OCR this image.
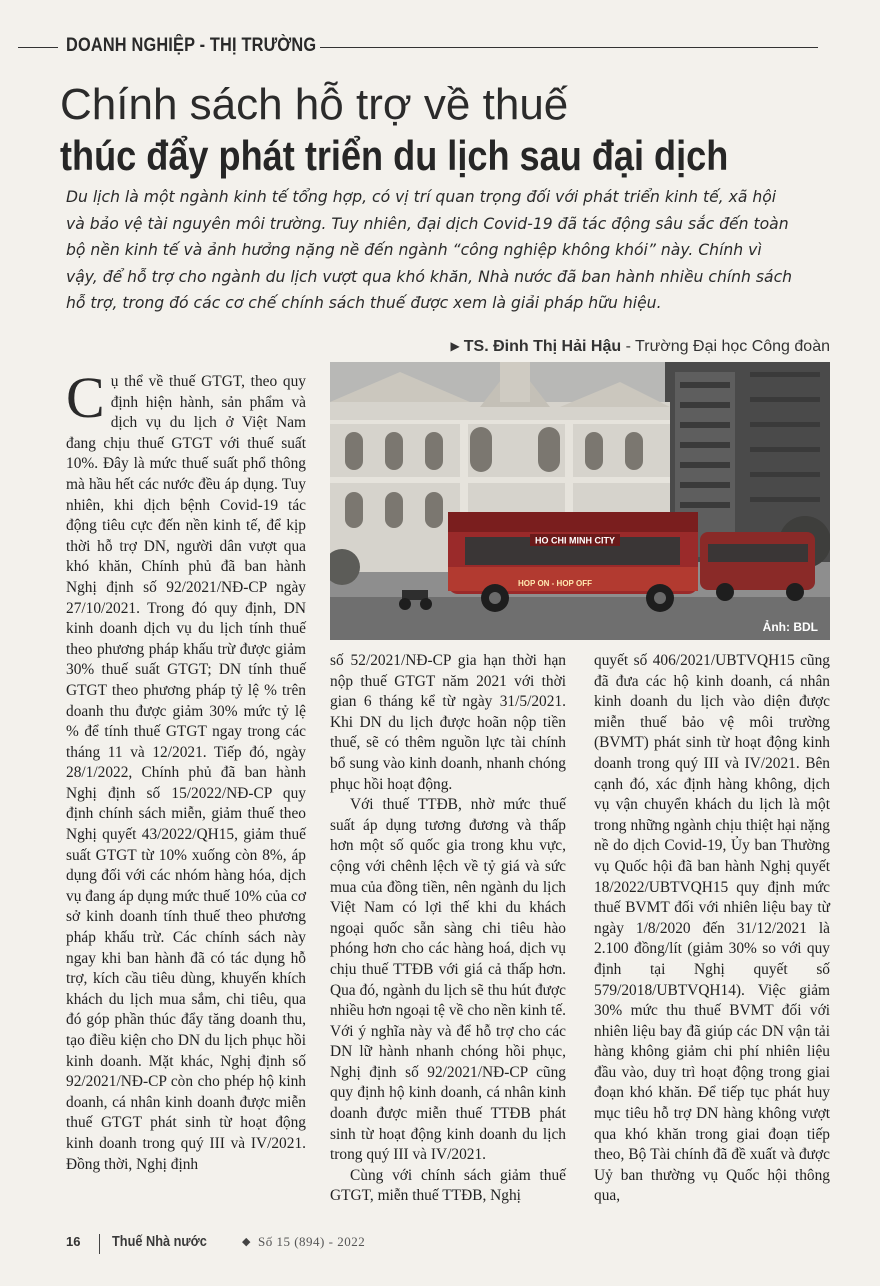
DOANH NGHIỆP - THỊ TRƯỜNG
Chính sách hỗ trợ về thuế
thúc đẩy phát triển du lịch sau đại dịch

Du lịch là một ngành kinh tế tổng hợp, có vị trí quan trọng đối với phát triển kinh tế, xã hội và bảo vệ tài nguyên môi trường. Tuy nhiên, đại dịch Covid-19 đã tác động sâu sắc đến toàn bộ nền kinh tế và ảnh hưởng nặng nề đến ngành “công nghiệp không khói” này. Chính vì vậy, để hỗ trợ cho ngành du lịch vượt qua khó khăn, Nhà nước đã ban hành nhiều chính sách hỗ trợ, trong đó các cơ chế chính sách thuế được xem là giải pháp hữu hiệu.

▶ TS. Đinh Thị Hải Hậu - Trường Đại học Công đoàn
HO CHI MINH CITY
HOP ON - HOP OFF
Ảnh: BDL

Cụ thể về thuế GTGT, theo quy định hiện hành, sản phẩm và dịch vụ du lịch ở Việt Nam đang chịu thuế GTGT với thuế suất 10%. Đây là mức thuế suất phổ thông mà hầu hết các nước đều áp dụng. Tuy nhiên, khi dịch bệnh Covid-19 tác động tiêu cực đến nền kinh tế, để kịp thời hỗ trợ DN, người dân vượt qua khó khăn, Chính phủ đã ban hành Nghị định số 92/2021/NĐ-CP ngày 27/10/2021. Trong đó quy định, DN kinh doanh dịch vụ du lịch tính thuế theo phương pháp khấu trừ được giảm 30% thuế suất GTGT; DN tính thuế GTGT theo phương pháp tỷ lệ % trên doanh thu được giảm 30% mức tỷ lệ % để tính thuế GTGT ngay trong các tháng 11 và 12/2021. Tiếp đó, ngày 28/1/2022, Chính phủ đã ban hành Nghị định số 15/2022/NĐ-CP quy định chính sách miễn, giảm thuế theo Nghị quyết 43/2022/QH15, giảm thuế suất GTGT từ 10% xuống còn 8%, áp dụng đối với các nhóm hàng hóa, dịch vụ đang áp dụng mức thuế 10% của cơ sở kinh doanh tính thuế theo phương pháp khấu trừ. Các chính sách này ngay khi ban hành đã có tác dụng hỗ trợ, kích cầu tiêu dùng, khuyến khích khách du lịch mua sắm, chi tiêu, qua đó góp phần thúc đẩy tăng doanh thu, tạo điều kiện cho DN du lịch phục hồi kinh doanh. Mặt khác, Nghị định số 92/2021/NĐ-CP còn cho phép hộ kinh doanh, cá nhân kinh doanh được miễn thuế GTGT phát sinh từ hoạt động kinh doanh trong quý III và IV/2021. Đồng thời, Nghị định

số 52/2021/NĐ-CP gia hạn thời hạn nộp thuế GTGT năm 2021 với thời gian 6 tháng kể từ ngày 31/5/2021. Khi DN du lịch được hoãn nộp tiền thuế, sẽ có thêm nguồn lực tài chính bổ sung vào kinh doanh, nhanh chóng phục hồi hoạt động.

Với thuế TTĐB, nhờ mức thuế suất áp dụng tương đương và thấp hơn một số quốc gia trong khu vực, cộng với chênh lệch về tỷ giá và sức mua của đồng tiền, nên ngành du lịch Việt Nam có lợi thế khi du khách ngoại quốc sẵn sàng chi tiêu hào phóng hơn cho các hàng hoá, dịch vụ chịu thuế TTĐB với giá cả thấp hơn. Qua đó, ngành du lịch sẽ thu hút được nhiều hơn ngoại tệ về cho nền kinh tế. Với ý nghĩa này và để hỗ trợ cho các DN lữ hành nhanh chóng hồi phục, Nghị định số 92/2021/NĐ-CP cũng quy định hộ kinh doanh, cá nhân kinh doanh được miễn thuế TTĐB phát sinh từ hoạt động kinh doanh du lịch trong quý III và IV/2021.

Cùng với chính sách giảm thuế GTGT, miễn thuế TTĐB, Nghị

quyết số 406/2021/UBTVQH15 cũng đã đưa các hộ kinh doanh, cá nhân kinh doanh du lịch vào diện được miễn thuế bảo vệ môi trường (BVMT) phát sinh từ hoạt động kinh doanh trong quý III và IV/2021. Bên cạnh đó, xác định hàng không, dịch vụ vận chuyển khách du lịch là một trong những ngành chịu thiệt hại nặng nề do dịch Covid-19, Ủy ban Thường vụ Quốc hội đã ban hành Nghị quyết 18/2022/UBTVQH15 quy định mức thuế BVMT đối với nhiên liệu bay từ ngày 1/8/2020 đến 31/12/2021 là 2.100 đồng/lít (giảm 30% so với quy định tại Nghị quyết số 579/2018/UBTVQH14). Việc giảm 30% mức thu thuế BVMT đối với nhiên liệu bay đã giúp các DN vận tải hàng không giảm chi phí nhiên liệu đầu vào, duy trì hoạt động trong giai đoạn khó khăn. Để tiếp tục phát huy mục tiêu hỗ trợ DN hàng không vượt qua khó khăn trong giai đoạn tiếp theo, Bộ Tài chính đã đề xuất và được Uỷ ban thường vụ Quốc hội thông qua,

16 Thuế Nhà nước	◆ Số 15 (894) - 2022
